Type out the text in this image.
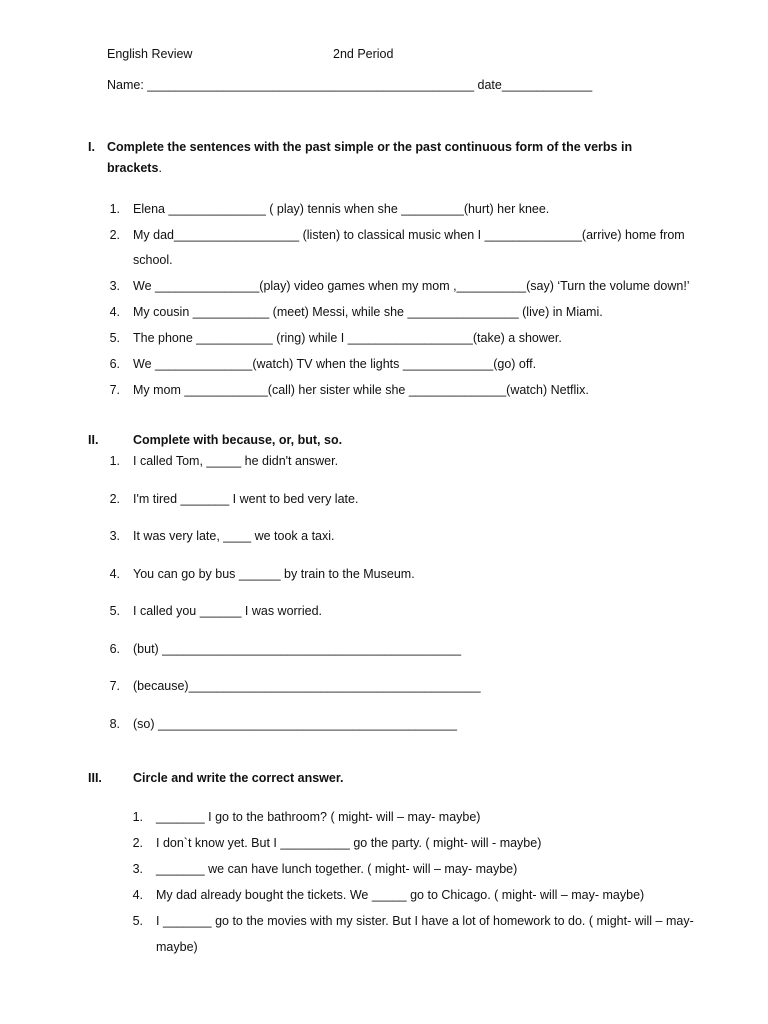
English Review	2nd Period
Name: _______________________________________________ date_____________
I. Complete the sentences with the past simple or the past continuous form of the verbs in
brackets.
1. Elena ______________ ( play) tennis when she _________(hurt) her knee.
2. My dad__________________ (listen) to classical music when I ______________(arrive) home from
school.
3. We _______________(play) video games when my mom ,__________(say) ‘Turn the volume down!’
4. My cousin ___________ (meet) Messi, while she ________________ (live) in Miami.
5. The phone ___________ (ring) while I __________________(take) a shower.
6. We ______________(watch) TV when the lights _____________(go) off.
7. My mom ____________(call) her sister while she ______________(watch) Netflix.
II.	Complete with because, or, but, so.
1. I called Tom, _____ he didn't answer.
2. I'm tired _______ I went to bed very late.
3. It was very late, ____ we took a taxi.
4. You can go by bus ______ by train to the Museum.
5. I called you ______ I was worried.
6. (but) ___________________________________________
7. (because)__________________________________________
8. (so) ___________________________________________
III. Circle and write the correct answer.
1. _______ I go to the bathroom? ( might- will – may- maybe)
2. I don`t know yet. But I __________ go the party. ( might- will - maybe)
3. _______ we can have lunch together. ( might- will – may- maybe)
4. My dad already bought the tickets. We _____ go to Chicago. ( might- will – may- maybe)
5. I _______ go to the movies with my sister. But I have a lot of homework to do. ( might- will – may-
maybe)
